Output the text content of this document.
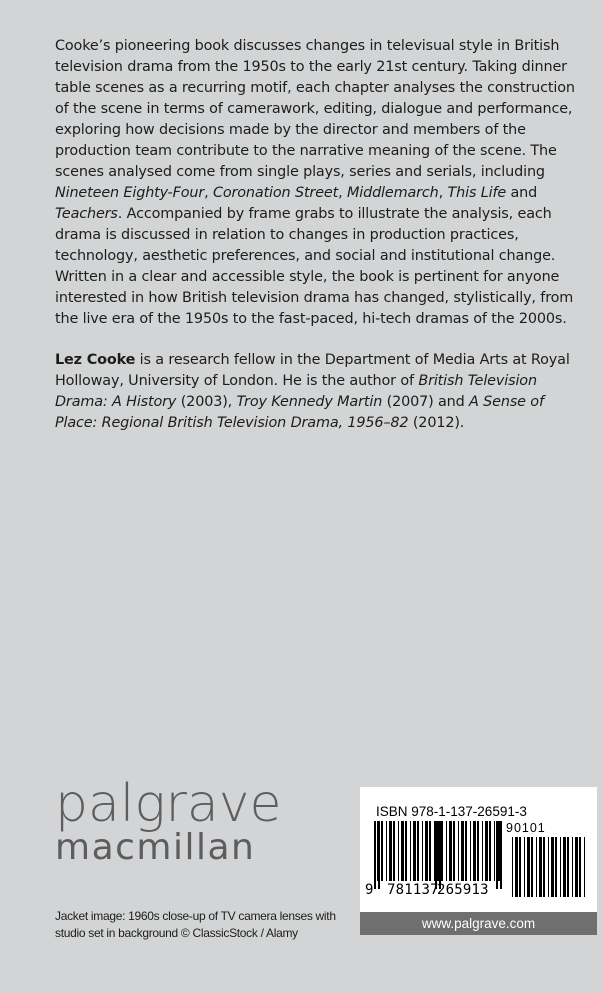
Cooke’s pioneering book discusses changes in televisual style in British television drama from the 1950s to the early 21st century. Taking dinner table scenes as a recurring motif, each chapter analyses the construction of the scene in terms of camerawork, editing, dialogue and performance, exploring how decisions made by the director and members of the production team contribute to the narrative meaning of the scene. The scenes analysed come from single plays, series and serials, including Nineteen Eighty-Four, Coronation Street, Middlemarch, This Life and Teachers. Accompanied by frame grabs to illustrate the analysis, each drama is discussed in relation to changes in production practices, technology, aesthetic preferences, and social and institutional change. Written in a clear and accessible style, the book is pertinent for anyone interested in how British television drama has changed, stylistically, from the live era of the 1950s to the fast-paced, hi-tech dramas of the 2000s.

Lez Cooke is a research fellow in the Department of Media Arts at Royal Holloway, University of London. He is the author of British Television Drama: A History (2003), Troy Kennedy Martin (2007) and A Sense of Place: Regional British Television Drama, 1956–82 (2012).

palgrave
macmillan
Jacket image: 1960s close-up of TV camera lenses with studio set in background © ClassicStock / Alamy
ISBN 978-1-137-26591-3
90101
9 781137
265913
www.palgrave.com
